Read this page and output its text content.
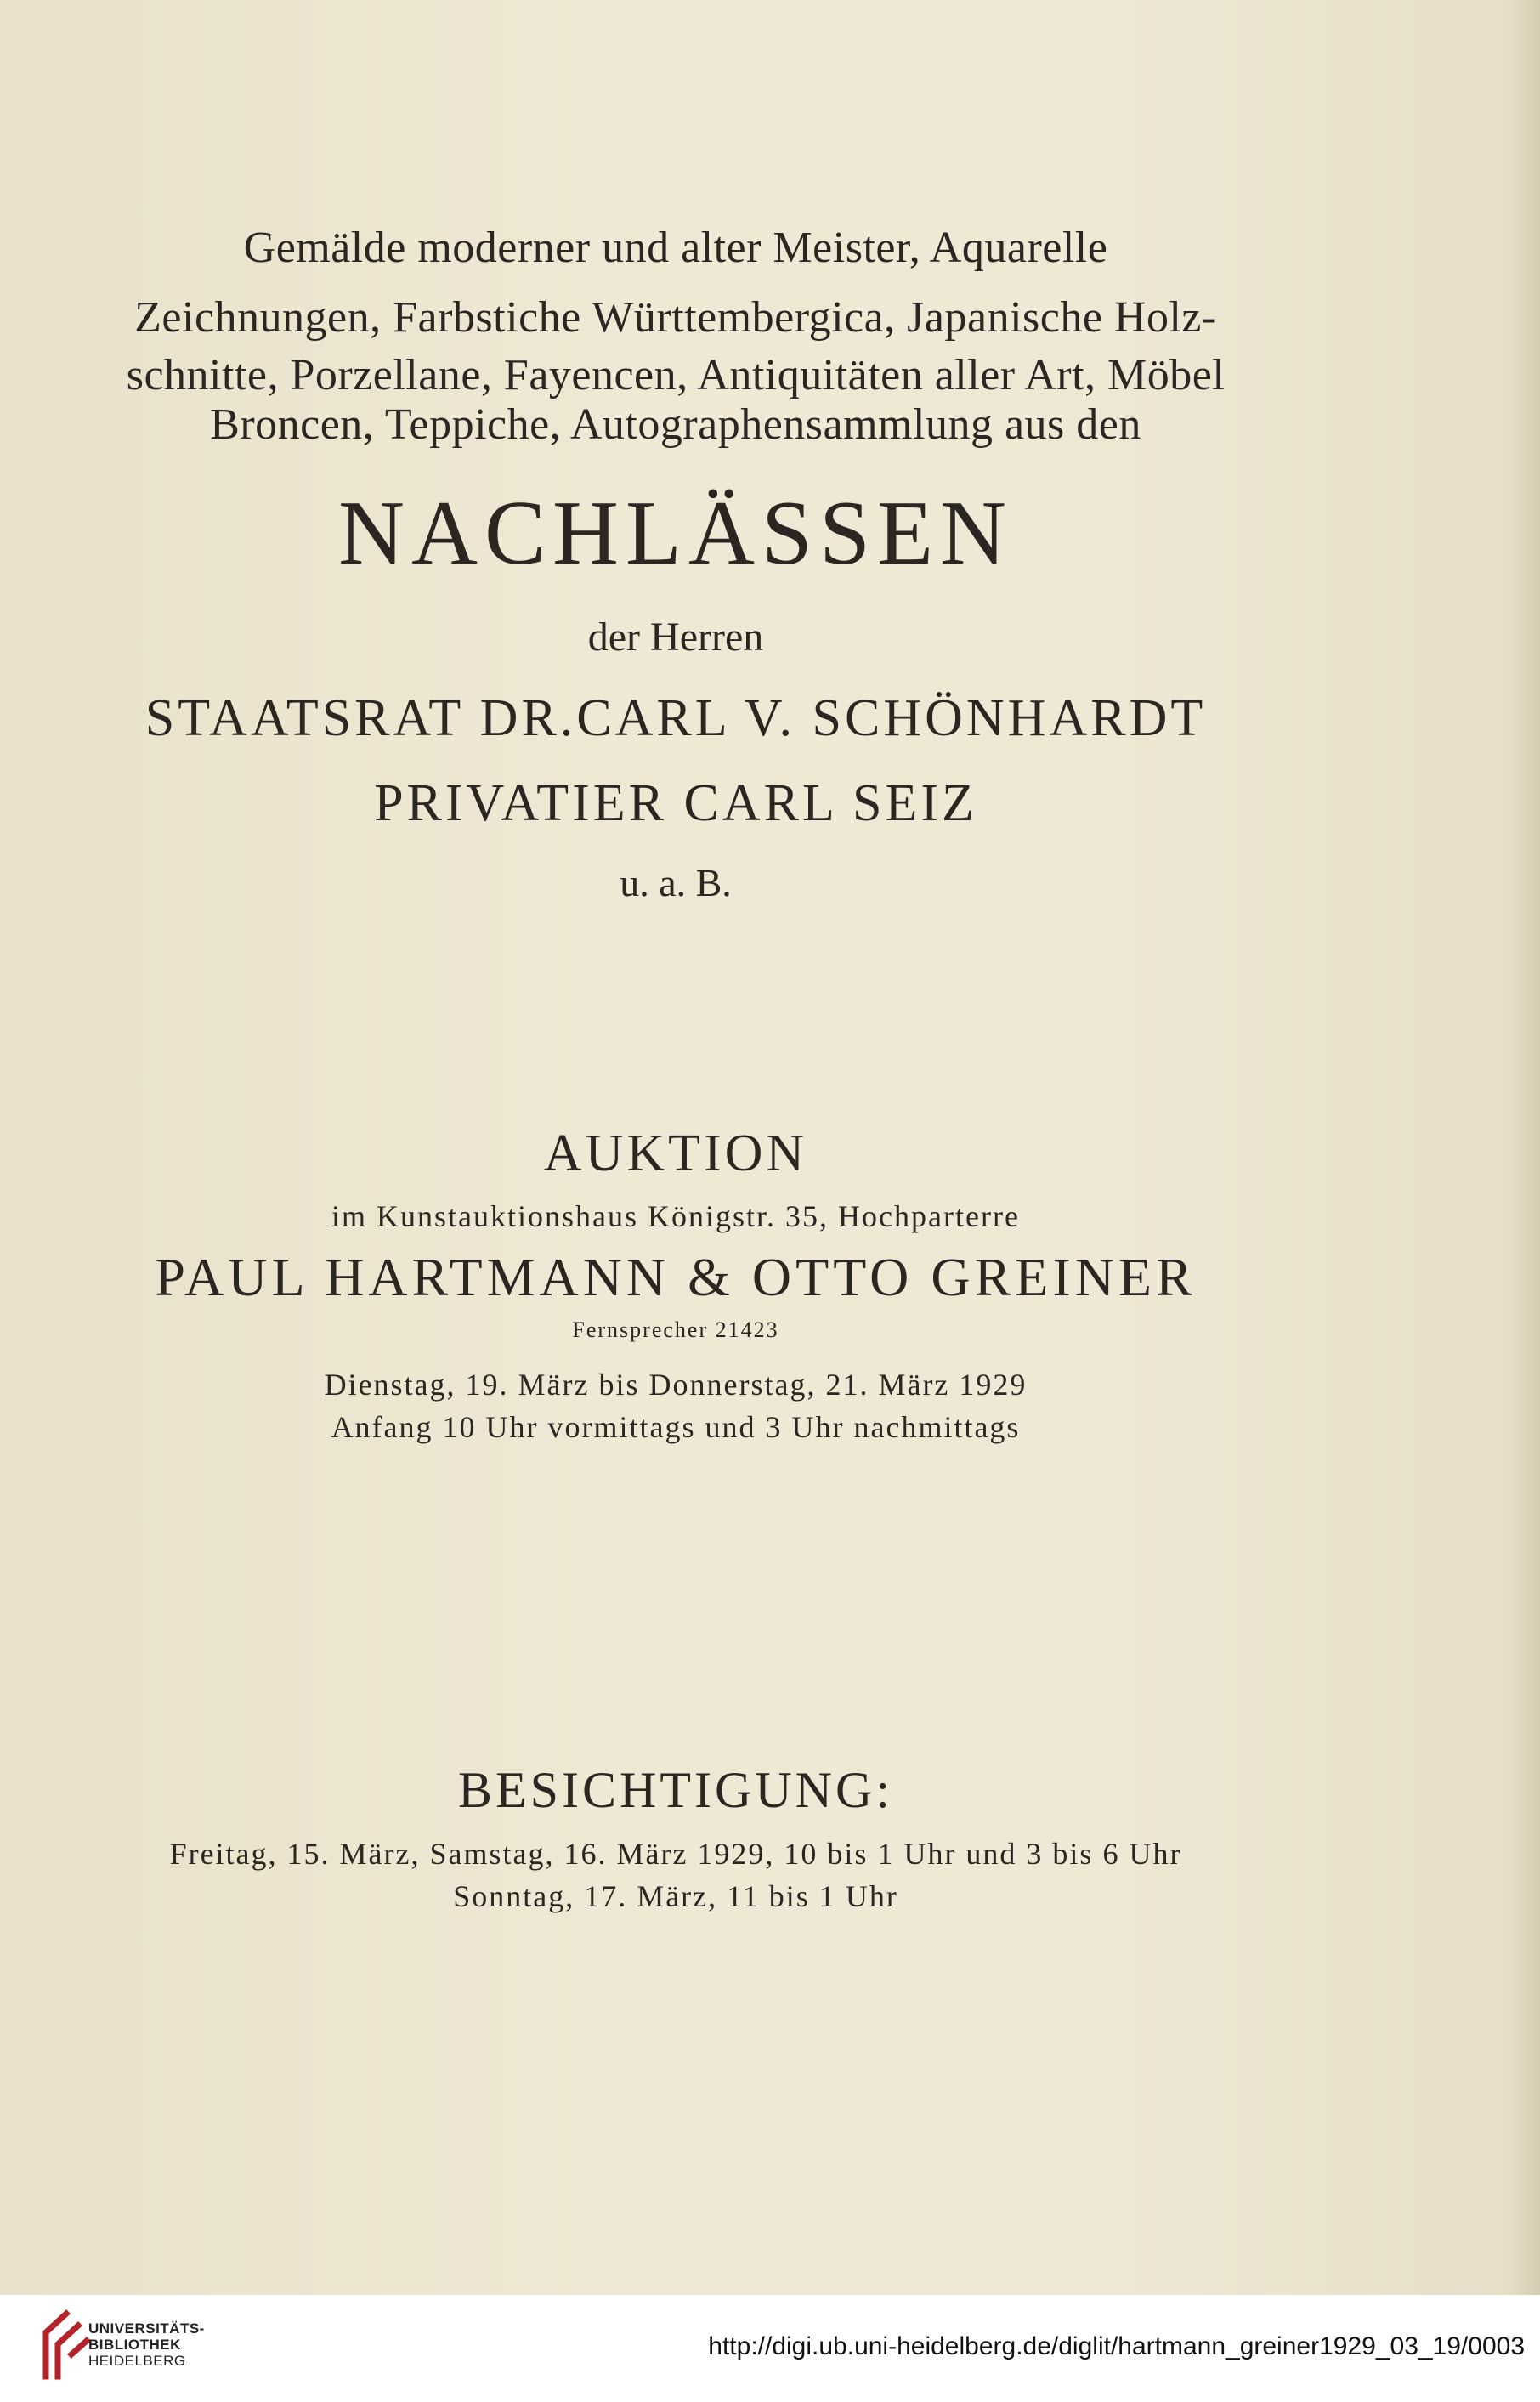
Gemälde moderner und alter Meister, Aquarelle
Zeichnungen, Farbstiche Württembergica, Japanische Holz-
schnitte, Porzellane, Fayencen, Antiquitäten aller Art, Möbel
Broncen, Teppiche, Autographensammlung aus den
NACHLÄSSEN
der Herren
STAATSRAT DR.CARL V. SCHÖNHARDT
PRIVATIER CARL SEIZ
u. a. B.
AUKTION
im Kunstauktionshaus Königstr. 35, Hochparterre
PAUL HARTMANN & OTTO GREINER
Fernsprecher 21423
Dienstag, 19. März bis Donnerstag, 21. März 1929
Anfang 10 Uhr vormittags und 3 Uhr nachmittags
BESICHTIGUNG:
Freitag, 15. März, Samstag, 16. März 1929, 10 bis 1 Uhr und 3 bis 6 Uhr
Sonntag, 17. März, 11 bis 1 Uhr
UNIVERSITÄTS-
BIBLIOTHEK
HEIDELBERG
http://digi.ub.uni-heidelberg.de/diglit/hartmann_greiner1929_03_19/0003
